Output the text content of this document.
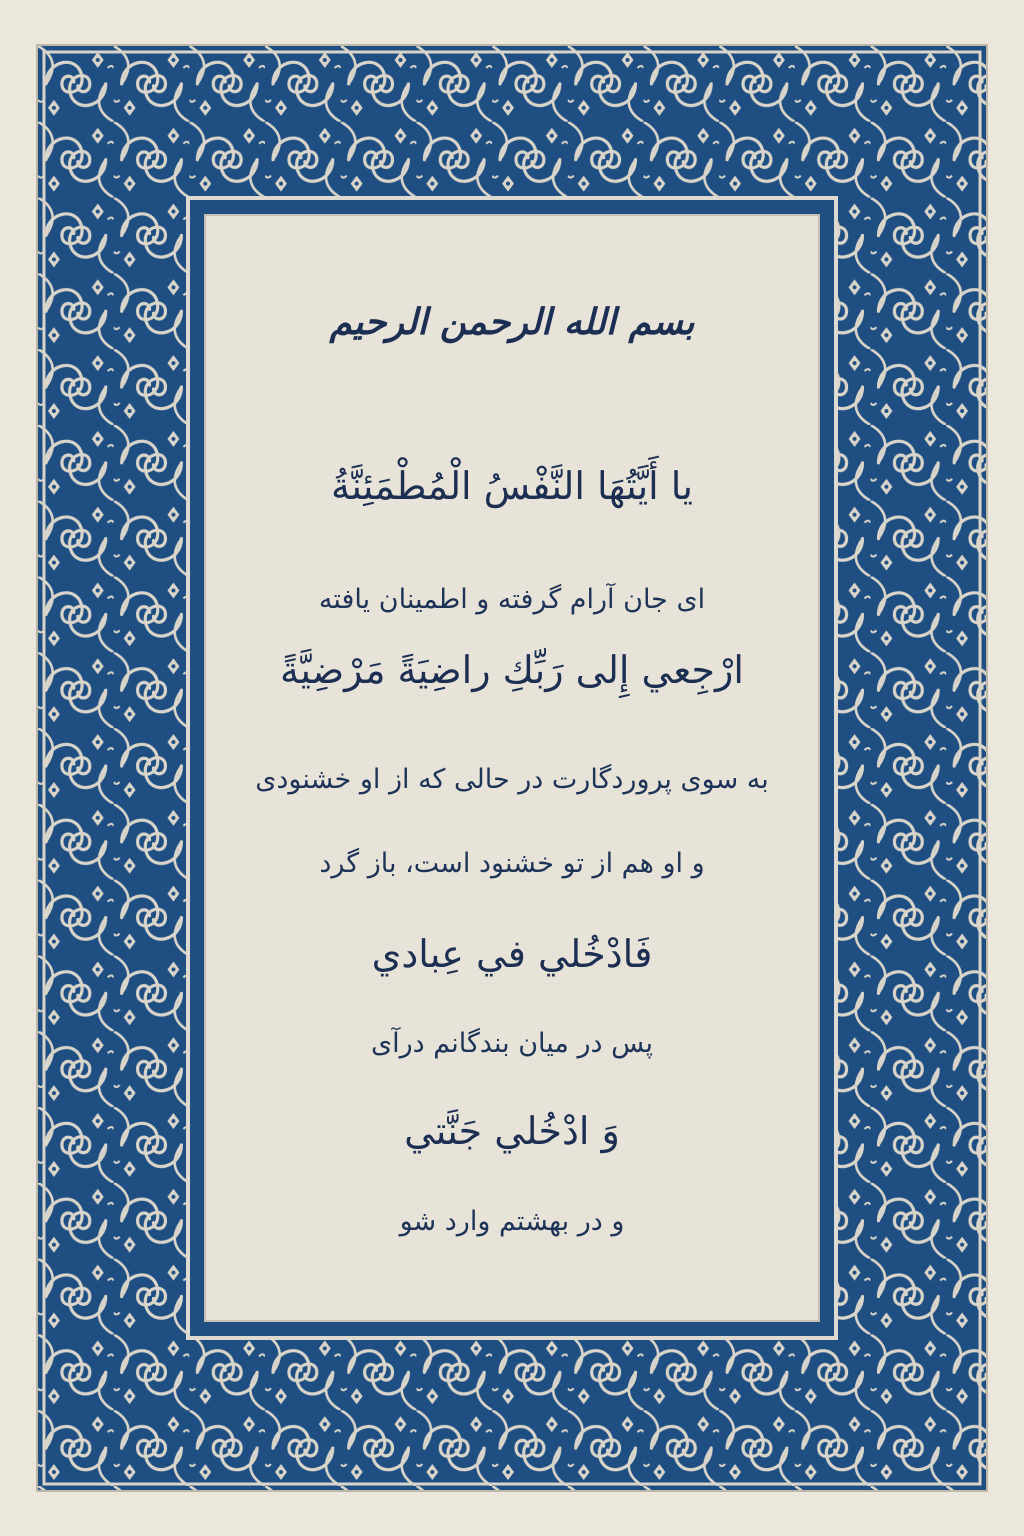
بسم الله الرحمن الرحيم
يا أَيَّتُهَا النَّفْسُ الْمُطْمَئِنَّةُ
ای جان آرام گرفته و اطمینان یافته
ارْجِعي إِلى رَبِّكِ راضِيَةً مَرْضِيَّةً
به سوی پروردگارت در حالی که از او خشنودی
و او هم از تو خشنود است، باز گرد
فَادْخُلي في عِبادي
پس در میان بندگانم درآی
وَ ادْخُلي جَنَّتي
و در بهشتم وارد شو
